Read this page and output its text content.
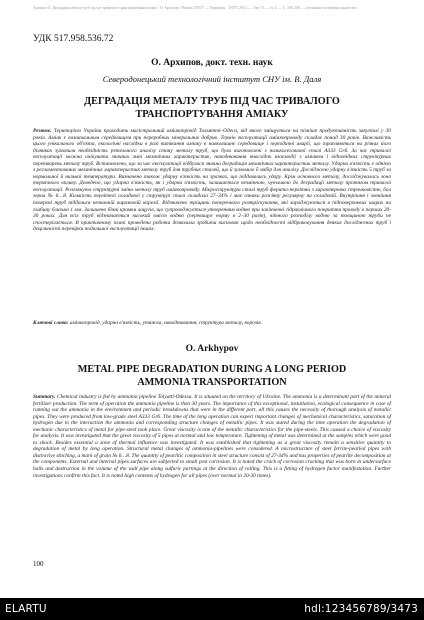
Архипов О. Деградація металу труб під час тривалого транспортування аміаку / О. Архипов // Вісник ТНТУ — Тернопіль : ТНТУ, 2014. — Том 74. — № 2. — С. 100–108. — (механіка та матеріалознавство).
УДК 517.958.536.72
О. Архипов, докт. техн. наук
Северодонецький технологічний інститут СНУ ім. В. Даля
ДЕГРАДАЦІЯ МЕТАЛУ ТРУБ ПІД ЧАС ТРИВАЛОГО
ТРАНСПОРТУВАННЯ АМІАКУ
Резюме. Територією України проходить магістральний аміакопровід Тольятті–Одеса, від якого зміщується на пізніше продуктивність закупівлі у 30 років. Аміак є визначальним середовищем при переробних мінеральних добрив. Термін експлуатації аміакопроводу складає понад 30 років. Важливість цього унікального об'єкта, екологічні наслідки в разі витікання аміаку в навколишнє середовище і періодичні аварії, що трапляються на різних його ділянках зумовили необхідність ретельного аналізу стану металу труб, що були виготовлені з низьколегованої сталі А333 Gr6. За час тривалої експлуатації можна очікувати значних змін механічних характеристик, наводнювання внаслідок взаємодії з аміаком і відповідних структурних перетворень металу труб. Встановлено, що за час експлуатації відбулася значна деградація механічних характеристик металу. Ударна в'язкість є однією з регламентованих механічних характеристик металу труб для трубних сталей, що й зумовило її вибір для аналізу. Досліджено ударну в'язкість 5 труб за нормальної й низької температури. Визначено також ударну в'язкість на зразках, що піддавались удару. Крім основного металу, досліджувалась зона термічного впливу. Доведено, що ударна в'язкість, як і ударна в'язкість, залишається незмінною, чутливою до деградації металу протягом тривалої експлуатації. Розглянуто структурні зміни металу труб аміакопроводу. Мікроструктура сталі труб ферито-перлітна з характерною строчковістю, бал зерна № 6…8. Кількість перлітної складової у структурі сталі складала 27–34% і має ознаки розсіяну регулярну на складовій. Внутрішня і зовнішня поверхні труб піддалися незначній виразковій корозії. Відзначено тріщини поперечного розтріскування, які зароджуються в підповерхневих шарах на глибину близько 1 мм. Залишено бічні кромки лацугів, що супроводжується утворенням водню при закінченні гідравлічного покриття проводу в перших 20-30 роках. Для всіх труб відзначається високий вміст водню (перевищує норму в 2–30 разів), чітного розподілу водню за товщиною труби не спостерігається. В практичному плані проведена робота дозволила зробити висновок щодо необхідності відбраковування деяких досліджених труб і доцільності перевірки подальшої експлуатації інших.
Ключові слова: аміакопровід, ударна в'язкість, утяжка, наводнювання, структура металу, корозія.
O. Arkhypov
METAL PIPE DEGRADATION DURING A LONG PERIOD
AMMONIA TRANSPORTATION
Summary. Chemical industry is fed by ammonia pipeline Tolyatti-Odessa. It is situated on the territory of Ukraine. The ammonia is a determinant part of the mineral fertilizer production. The term of operation the ammonia pipeline is then 30 years. The importance of this exceptional, installation, ecological consequence in case of running out the ammonia in the environment and periodic breakdowns that were in the different part, all this causes the necessity of thorough analysis of metallic pipes. They were produced from low-grade steel A333 Gr6. The time of the long operation can expect important changes of mechanical characteristics, saturation of hydrogen due to the interaction the ammonia and corresponding structure changes of metallic pipes. It was stated during the time operation the degradation of mechanic characteristics of metal for pipe-steel took place. Great viscosity is one of the metallic characteristics for the pipe-steels. This caused a choice of viscosity for analysis. It was investigated that the great viscosity of 5 pipes at normal and low temperature. Tightening of metal was determined at the samples which were good to shock. Besides essential a zone of thermal influence was investigated. It was established that tightening as a great viscosity remain a sensitive quantity to degradation of metal by long operation. Structural metal changes of ammonia-pipelines were considered. A microstructure of steel ferrite-pearled pipes with distinctive stitching, a mark of grain № 6…8. The quantity of pearlitic composition in steel structure consist of 27-34% and has properties of pearlite decomposition at the components. External and internal pipes surfaces are subjected to small pest corrosion. It is noted the crack of corrosion cracking that was born in undersurface balls and destruction in the volume of the wall pipe along sulfuric partings at the direction of rolling. This is a fitting of hydrogen factor manifestation. Further investigations confirm this fact. It is noted high contents of hydrogen for all pipes (over normal in 20-30 times).
100
ELARTU	hdl:123456789/3473
